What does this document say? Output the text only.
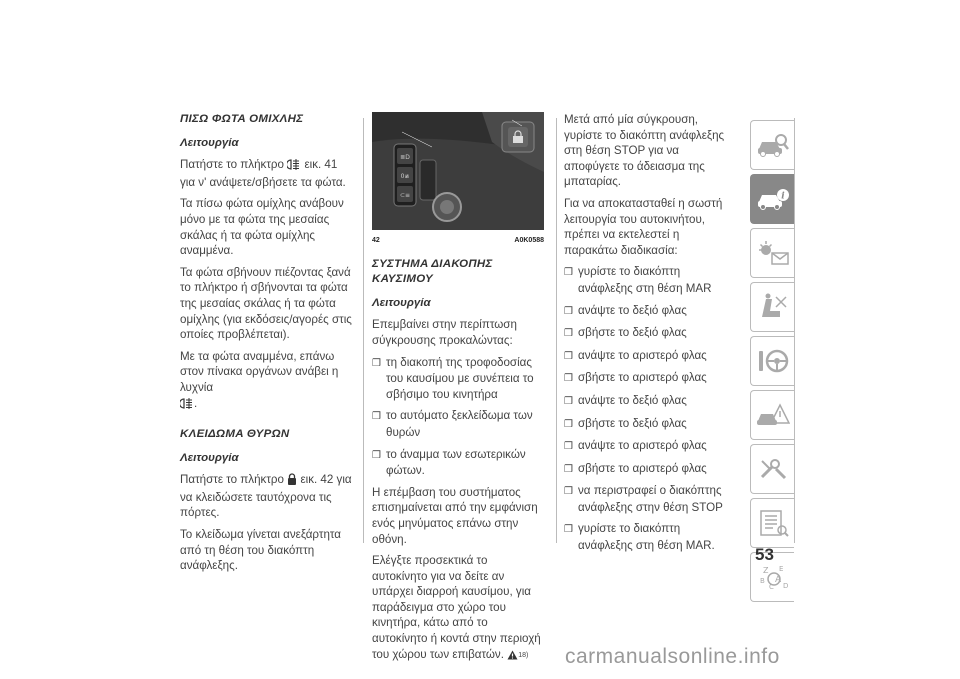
ΠΙΣΩ ΦΩΤΑ ΟΜΙΧΛΗΣ
Λειτουργία

Πατήστε το πλήκτρο εικ. 41 για ν' ανάψετε/σβήσετε τα φώτα.

Τα πίσω φώτα ομίχλης ανάβουν μόνο με τα φώτα της μεσαίας σκάλας ή τα φώτα ομίχλης αναμμένα.

Τα φώτα σβήνουν πιέζοντας ξανά το πλήκτρο ή σβήνονται τα φώτα της μεσαίας σκάλας ή τα φώτα ομίχλης (για εκδόσεις/αγορές στις οποίες προβλέπεται).

Με τα φώτα αναμμένα, επάνω στον πίνακα οργάνων ανάβει η λυχνία
.

ΚΛΕΙΔΩΜΑ ΘΥΡΩΝ
Λειτουργία

Πατήστε το πλήκτρο εικ. 42 για να κλειδώσετε ταυτόχρονα τις πόρτες.

Το κλείδωμα γίνεται ανεξάρτητα από τη θέση του διακόπτη ανάφλεξης.

≣D
0≢
⊂≡
42	A0K0588
ΣΥΣΤΗΜΑ ΔΙΑΚΟΠΗΣ ΚΑΥΣΙΜΟΥ
Λειτουργία

Επεμβαίνει στην περίπτωση σύγκρουσης προκαλώντας:

❒ τη διακοπή της τροφοδοσίας του καυσίμου με συνέπεια το σβήσιμο του κινητήρα
❒ το αυτόματο ξεκλείδωμα των θυρών
❒ το άναμμα των εσωτερικών φώτων.

Η επέμβαση του συστήματος επισημαίνεται από την εμφάνιση ενός μηνύματος επάνω στην οθόνη.

Ελέγξτε προσεκτικά το αυτοκίνητο για να δείτε αν υπάρχει διαρροή καυσίμου, για παράδειγμα στο χώρο του κινητήρα, κάτω από το αυτοκίνητο ή κοντά στην περιοχή του χώρου των επιβατών. 18)

Μετά από μία σύγκρουση, γυρίστε το διακόπτη ανάφλεξης στη θέση STOP για να αποφύγετε το άδειασμα της μπαταρίας.

Για να αποκατασταθεί η σωστή λειτουργία του αυτοκινήτου, πρέπει να εκτελεστεί η παρακάτω διαδικασία:

❒ γυρίστε το διακόπτη ανάφλεξης στη θέση MAR
❒ ανάψτε το δεξιό φλας
❒ σβήστε το δεξιό φλας
❒ ανάψτε το αριστερό φλας
❒ σβήστε το αριστερό φλας
❒ ανάψτε το δεξιό φλας
❒ σβήστε το δεξιό φλας
❒ ανάψτε το αριστερό φλας
❒ σβήστε το αριστερό φλας
❒ να περιστραφεί ο διακόπτης ανάφλεξης στην θέση STOP
❒ γυρίστε το διακόπτη ανάφλεξης στη θέση MAR.
i
Z E
B A
C D
53
carmanualsonline.info
